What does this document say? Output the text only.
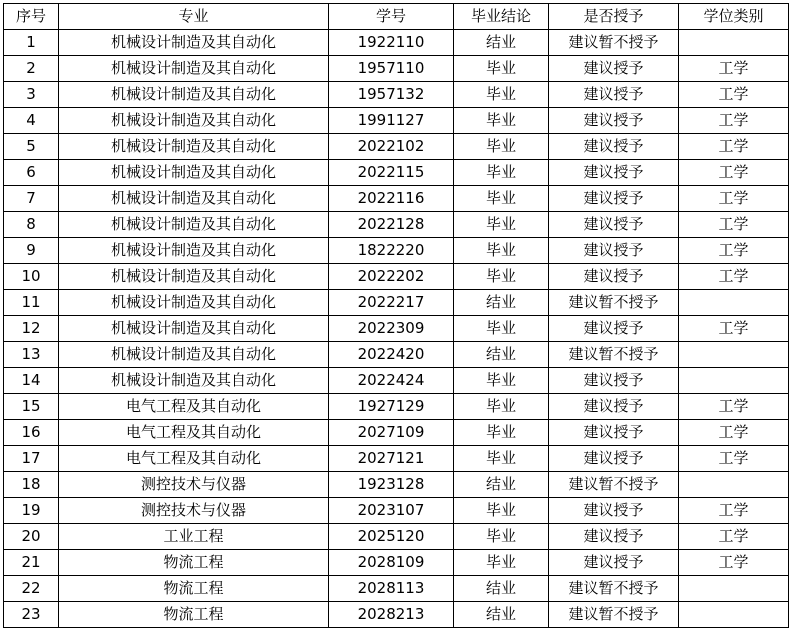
序号	专业	学号	毕业结论	是否授予	学位类别
1	机械设计制造及其自动化	1922110	结业	建议暂不授予	
2	机械设计制造及其自动化	1957110	毕业	建议授予	工学
3	机械设计制造及其自动化	1957132	毕业	建议授予	工学
4	机械设计制造及其自动化	1991127	毕业	建议授予	工学
5	机械设计制造及其自动化	2022102	毕业	建议授予	工学
6	机械设计制造及其自动化	2022115	毕业	建议授予	工学
7	机械设计制造及其自动化	2022116	毕业	建议授予	工学
8	机械设计制造及其自动化	2022128	毕业	建议授予	工学
9	机械设计制造及其自动化	1822220	毕业	建议授予	工学
10	机械设计制造及其自动化	2022202	毕业	建议授予	工学
11	机械设计制造及其自动化	2022217	结业	建议暂不授予	
12	机械设计制造及其自动化	2022309	毕业	建议授予	工学
13	机械设计制造及其自动化	2022420	结业	建议暂不授予	
14	机械设计制造及其自动化	2022424	毕业	建议授予	
15	电气工程及其自动化	1927129	毕业	建议授予	工学
16	电气工程及其自动化	2027109	毕业	建议授予	工学
17	电气工程及其自动化	2027121	毕业	建议授予	工学
18	测控技术与仪器	1923128	结业	建议暂不授予	
19	测控技术与仪器	2023107	毕业	建议授予	工学
20	工业工程	2025120	毕业	建议授予	工学
21	物流工程	2028109	毕业	建议授予	工学
22	物流工程	2028113	结业	建议暂不授予	
23	物流工程	2028213	结业	建议暂不授予	
